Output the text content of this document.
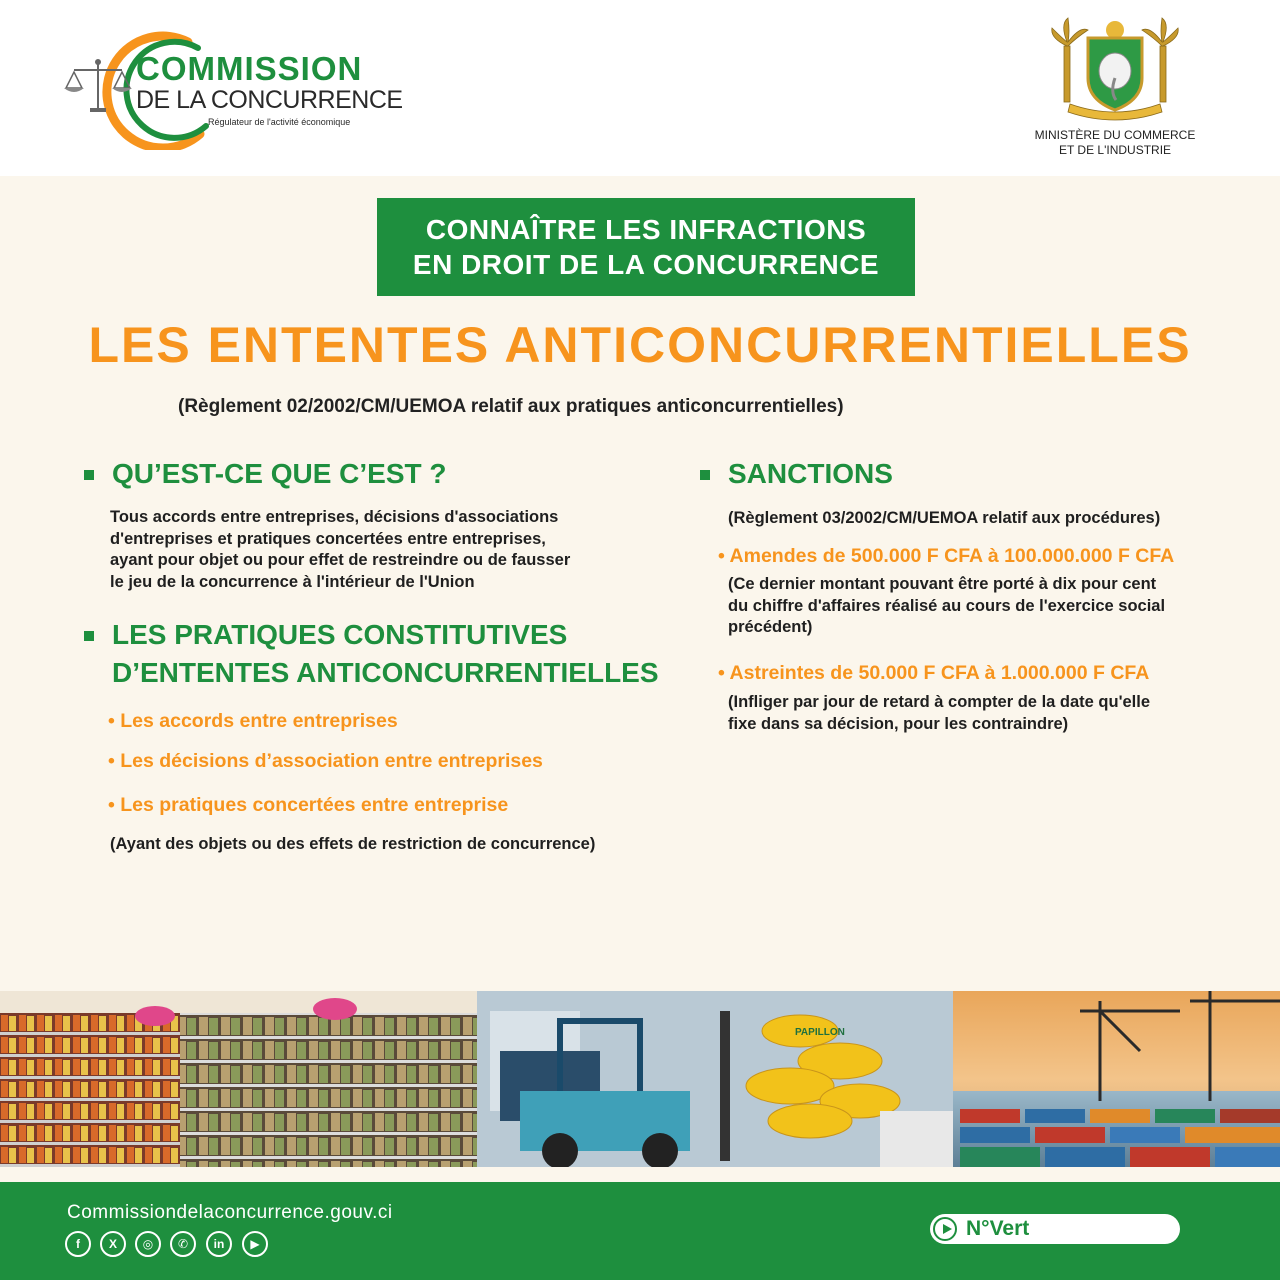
COMMISSION
DE LA CONCURRENCE
Régulateur de l'activité économique
MINISTÈRE DU COMMERCE
ET DE L'INDUSTRIE
CONNAÎTRE LES INFRACTIONS
EN DROIT DE LA CONCURRENCE
LES ENTENTES ANTICONCURRENTIELLES
(Règlement 02/2002/CM/UEMOA relatif aux pratiques anticoncurrentielles)
QU’EST-CE QUE C’EST ?
Tous accords entre entreprises, décisions d'associations
d'entreprises et pratiques concertées entre entreprises,
ayant pour objet ou pour effet de restreindre ou de fausser
le jeu de la concurrence à l'intérieur de l'Union
LES PRATIQUES CONSTITUTIVES
D’ENTENTES ANTICONCURRENTIELLES
• Les accords entre entreprises
• Les décisions d’association entre entreprises
• Les pratiques concertées entre entreprise
(Ayant des objets ou des effets de restriction de concurrence)
SANCTIONS
(Règlement 03/2002/CM/UEMOA relatif aux procédures)
• Amendes de 500.000 F CFA à 100.000.000 F CFA
(Ce dernier montant pouvant être porté à dix pour cent
du chiffre d'affaires réalisé au cours de l'exercice social
précédent)
• Astreintes de 50.000 F CFA à 1.000.000 F CFA
(Infliger par jour de retard à compter de la date qu'elle
fixe dans sa décision, pour les contraindre)
PAPILLON
Commissiondelaconcurrence.gouv.ci
f	X	◎	✆	in	▶
N°Vert
